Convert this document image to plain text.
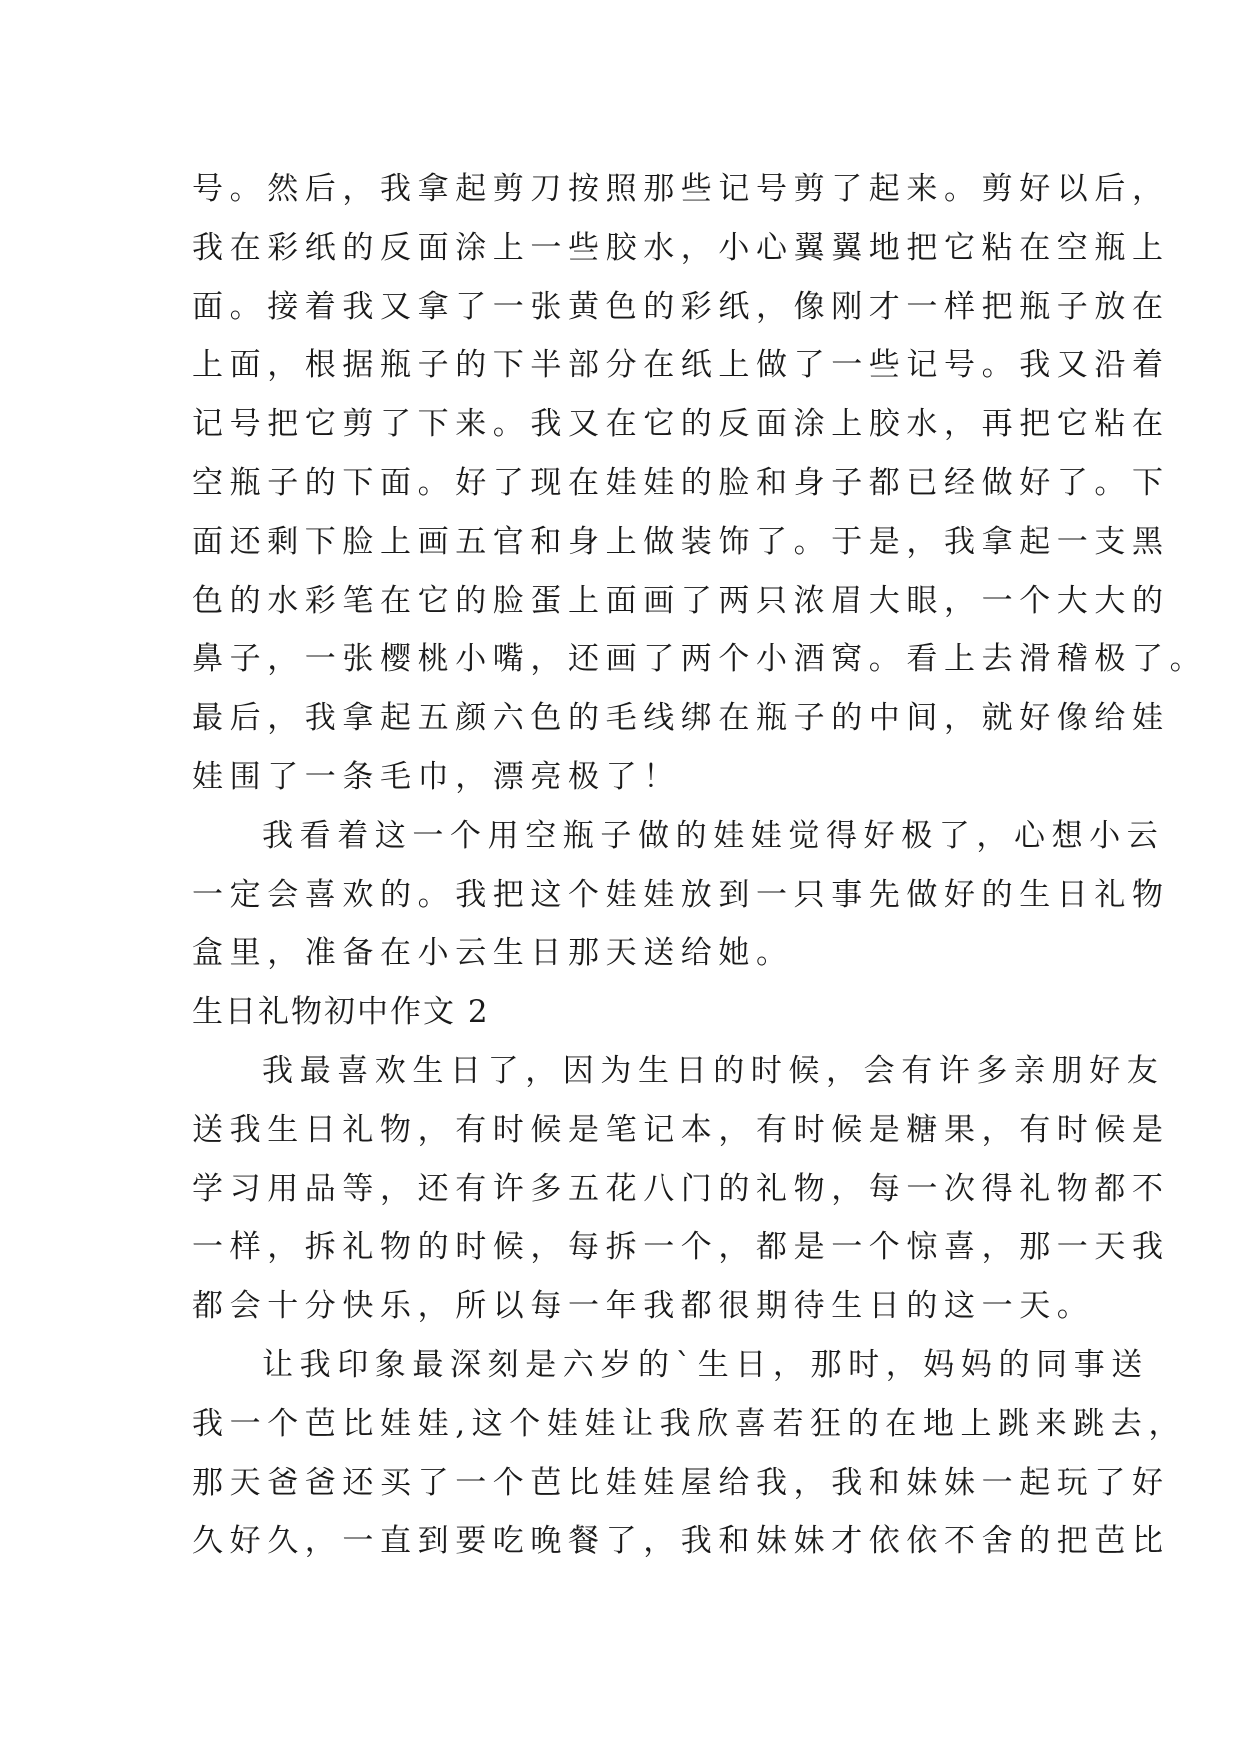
号。然后，我拿起剪刀按照那些记号剪了起来。剪好以后，
我在彩纸的反面涂上一些胶水，小心翼翼地把它粘在空瓶上
面。接着我又拿了一张黄色的彩纸，像刚才一样把瓶子放在
上面，根据瓶子的下半部分在纸上做了一些记号。我又沿着
记号把它剪了下来。我又在它的反面涂上胶水，再把它粘在
空瓶子的下面。好了现在娃娃的脸和身子都已经做好了。下
面还剩下脸上画五官和身上做装饰了。于是，我拿起一支黑
色的水彩笔在它的脸蛋上面画了两只浓眉大眼，一个大大的
鼻子，一张樱桃小嘴，还画了两个小酒窝。看上去滑稽极了。
最后，我拿起五颜六色的毛线绑在瓶子的中间，就好像给娃
娃围了一条毛巾，漂亮极了！
我看着这一个用空瓶子做的娃娃觉得好极了，心想小云
一定会喜欢的。我把这个娃娃放到一只事先做好的生日礼物
盒里，准备在小云生日那天送给她。
生日礼物初中作文 2
我最喜欢生日了，因为生日的时候，会有许多亲朋好友
送我生日礼物，有时候是笔记本，有时候是糖果，有时候是
学习用品等，还有许多五花八门的礼物，每一次得礼物都不
一样，拆礼物的时候，每拆一个，都是一个惊喜，那一天我
都会十分快乐，所以每一年我都很期待生日的这一天。
让我印象最深刻是六岁的`生日，那时，妈妈的同事送
我一个芭比娃娃,这个娃娃让我欣喜若狂的在地上跳来跳去，
那天爸爸还买了一个芭比娃娃屋给我，我和妹妹一起玩了好
久好久，一直到要吃晚餐了，我和妹妹才依依不舍的把芭比
